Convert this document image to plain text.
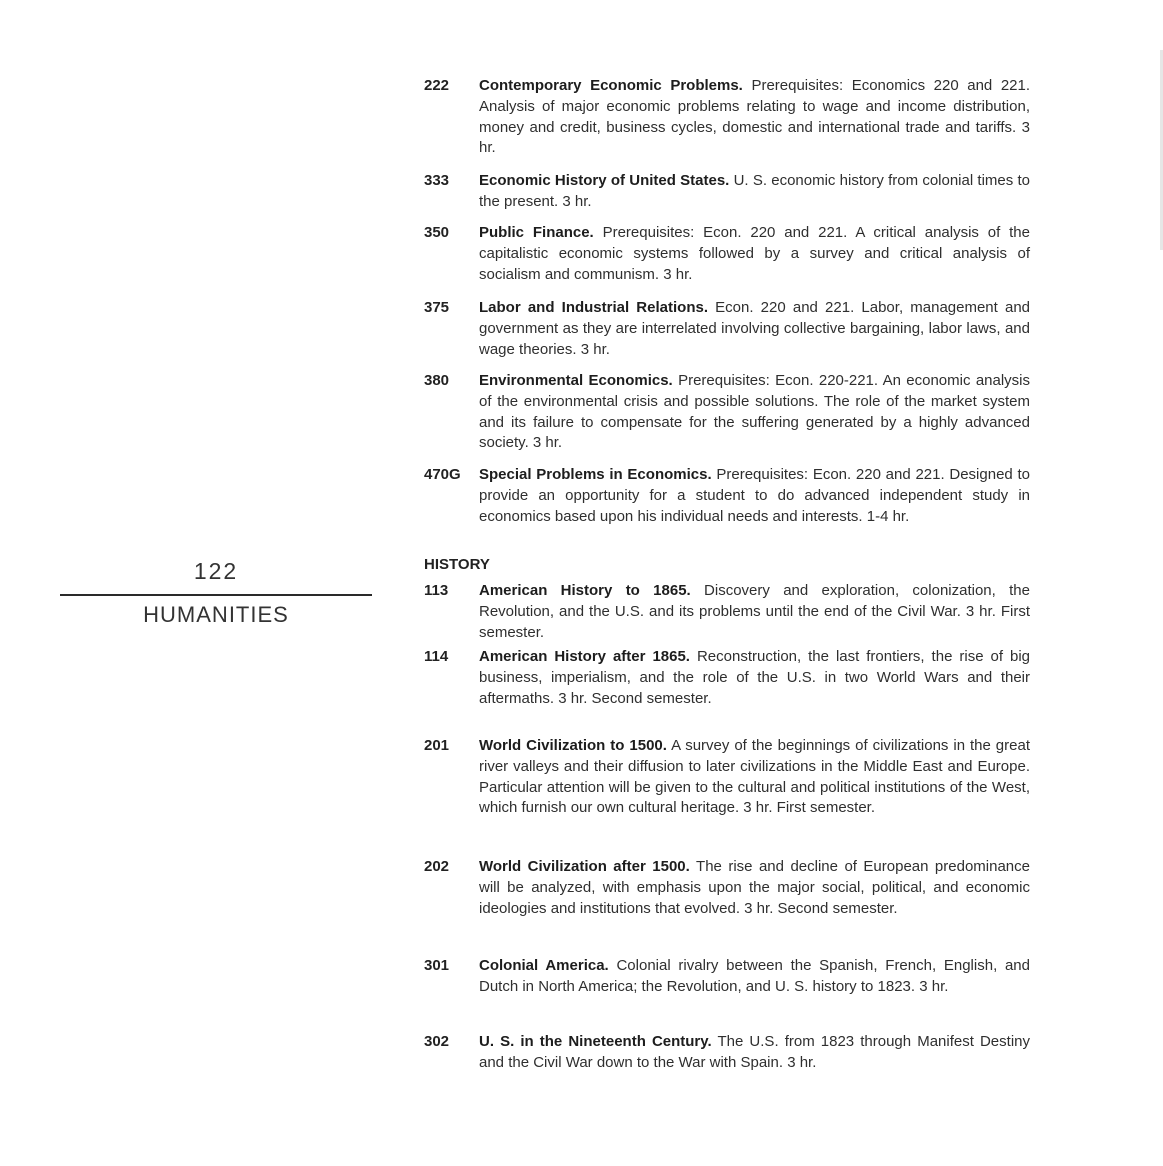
122
HUMANITIES
222	Contemporary Economic Problems. Prerequisites: Economics 220 and 221. Analysis of major economic problems relating to wage and income distribution, money and credit, business cycles, domestic and international trade and tariffs. 3 hr.
333	Economic History of United States. U. S. economic history from colonial times to the present. 3 hr.
350	Public Finance. Prerequisites: Econ. 220 and 221. A critical analysis of the capitalistic economic systems followed by a survey and critical analysis of socialism and communism. 3 hr.
375	Labor and Industrial Relations. Econ. 220 and 221. Labor, management and government as they are interrelated involving collective bargaining, labor laws, and wage theories. 3 hr.
380	Environmental Economics. Prerequisites: Econ. 220-221. An economic analysis of the environmental crisis and possible solutions. The role of the market system and its failure to compensate for the suffering generated by a highly advanced society. 3 hr.
470G	Special Problems in Economics. Prerequisites: Econ. 220 and 221. Designed to provide an opportunity for a student to do advanced independent study in economics based upon his individual needs and interests. 1-4 hr.
HISTORY
113	American History to 1865. Discovery and exploration, colonization, the Revolution, and the U.S. and its problems until the end of the Civil War. 3 hr. First semester.
114	American History after 1865. Reconstruction, the last frontiers, the rise of big business, imperialism, and the role of the U.S. in two World Wars and their aftermaths. 3 hr. Second semester.
201	World Civilization to 1500. A survey of the beginnings of civilizations in the great river valleys and their diffusion to later civilizations in the Middle East and Europe. Particular attention will be given to the cultural and political institutions of the West, which furnish our own cultural heritage. 3 hr. First semester.
202	World Civilization after 1500. The rise and decline of European predominance will be analyzed, with emphasis upon the major social, political, and economic ideologies and institutions that evolved. 3 hr. Second semester.
301	Colonial America. Colonial rivalry between the Spanish, French, English, and Dutch in North America; the Revolution, and U. S. history to 1823. 3 hr.
302	U. S. in the Nineteenth Century. The U.S. from 1823 through Manifest Destiny and the Civil War down to the War with Spain. 3 hr.
